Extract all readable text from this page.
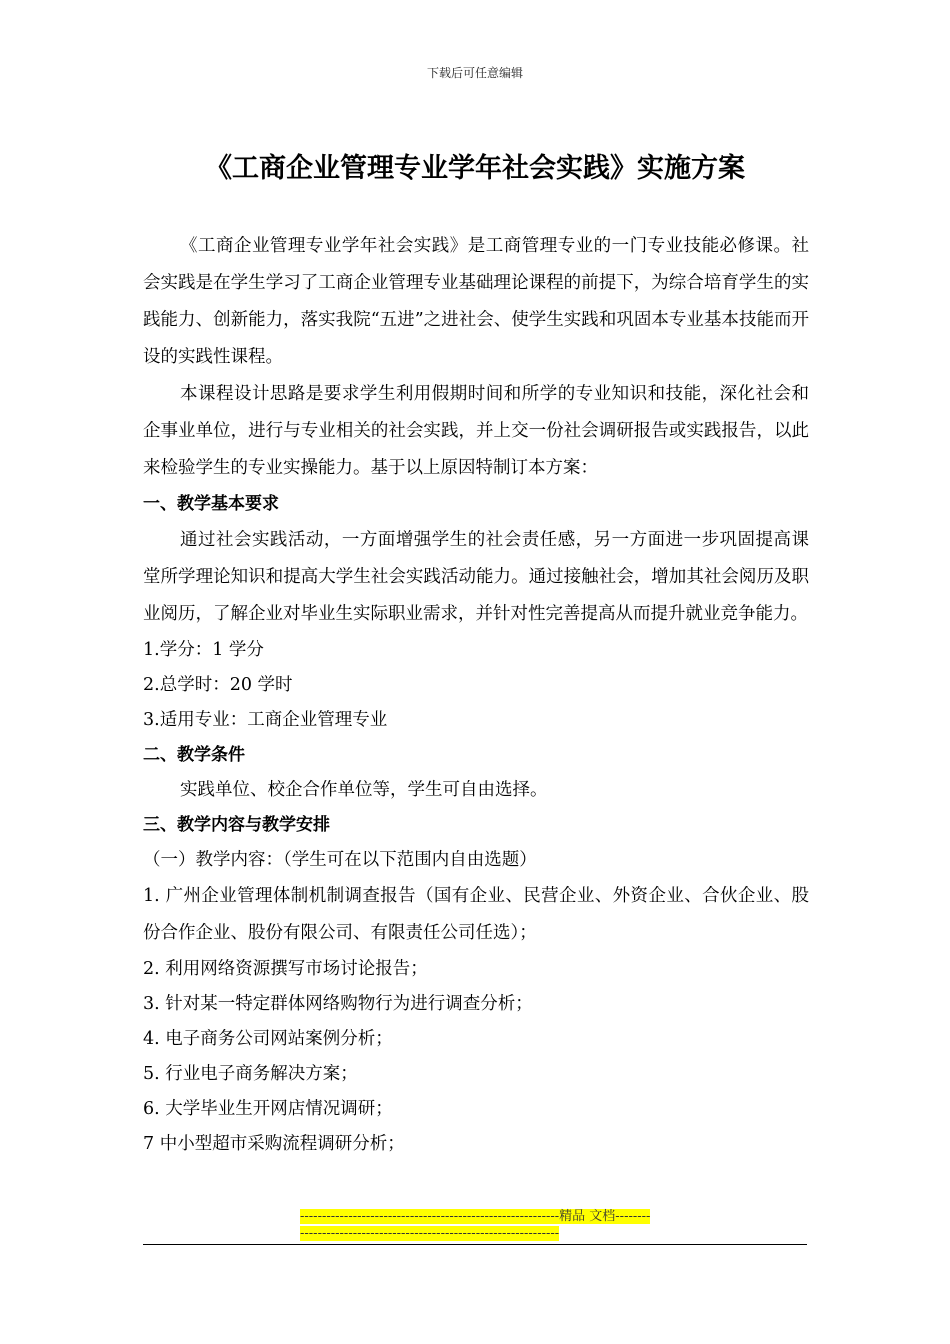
下载后可任意编辑
《工商企业管理专业学年社会实践》实施方案

《工商企业管理专业学年社会实践》是工商管理专业的一门专业技能必修课。社会实践是在学生学习了工商企业管理专业基础理论课程的前提下，为综合培育学生的实践能力、创新能力，落实我院“五进”之进社会、使学生实践和巩固本专业基本技能而开设的实践性课程。

本课程设计思路是要求学生利用假期时间和所学的专业知识和技能，深化社会和企事业单位，进行与专业相关的社会实践，并上交一份社会调研报告或实践报告，以此来检验学生的专业实操能力。基于以上原因特制订本方案：

一、教学基本要求

通过社会实践活动，一方面增强学生的社会责任感，另一方面进一步巩固提高课堂所学理论知识和提高大学生社会实践活动能力。通过接触社会，增加其社会阅历及职业阅历，了解企业对毕业生实际职业需求，并针对性完善提高从而提升就业竞争能力。

1.学分：1 学分

2.总学时：20 学时

3.适用专业：工商企业管理专业

二、教学条件

实践单位、校企合作单位等，学生可自由选择。

三、教学内容与教学安排

（一）教学内容：（学生可在以下范围内自由选题）

1. 广州企业管理体制机制调查报告（国有企业、民营企业、外资企业、合伙企业、股份合作企业、股份有限公司、有限责任公司任选）；

2. 利用网络资源撰写市场讨论报告；

3. 针对某一特定群体网络购物行为进行调查分析；

4. 电子商务公司网站案例分析；

5. 行业电子商务解决方案；

6. 大学毕业生开网店情况调研；

7 中小型超市采购流程调研分析；

-----------------------------------------------------------精品 文档-------------------------------------------------------------------
